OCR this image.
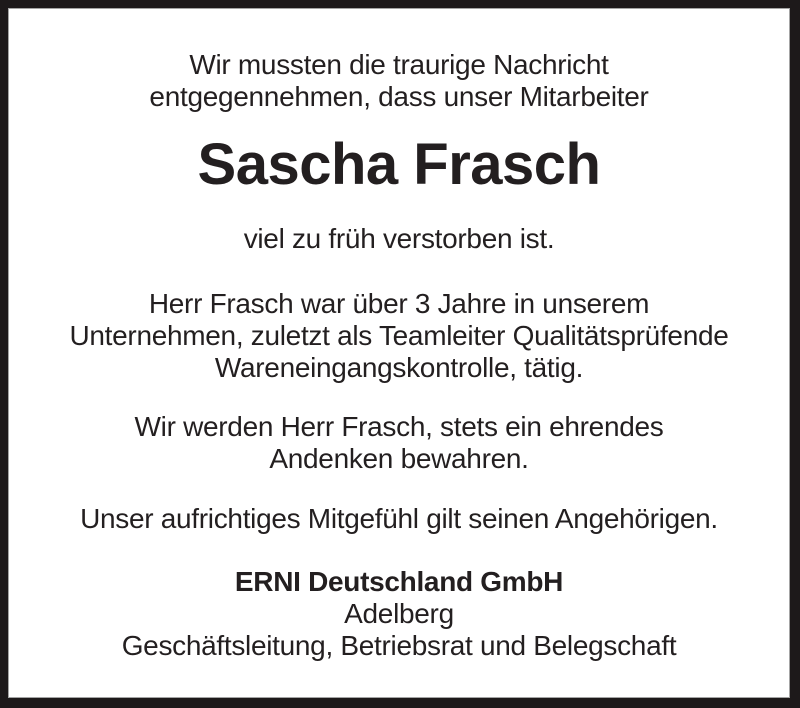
Wir mussten die traurige Nachricht
entgegennehmen, dass unser Mitarbeiter

Sascha Frasch

viel zu früh verstorben ist.

Herr Frasch war über 3 Jahre in unserem
Unternehmen, zuletzt als Teamleiter Qualitätsprüfende
Wareneingangskontrolle, tätig.

Wir werden Herr Frasch, stets ein ehrendes
Andenken bewahren.

Unser aufrichtiges Mitgefühl gilt seinen Angehörigen.

ERNI Deutschland GmbH

Adelberg

Geschäftsleitung, Betriebsrat und Belegschaft
